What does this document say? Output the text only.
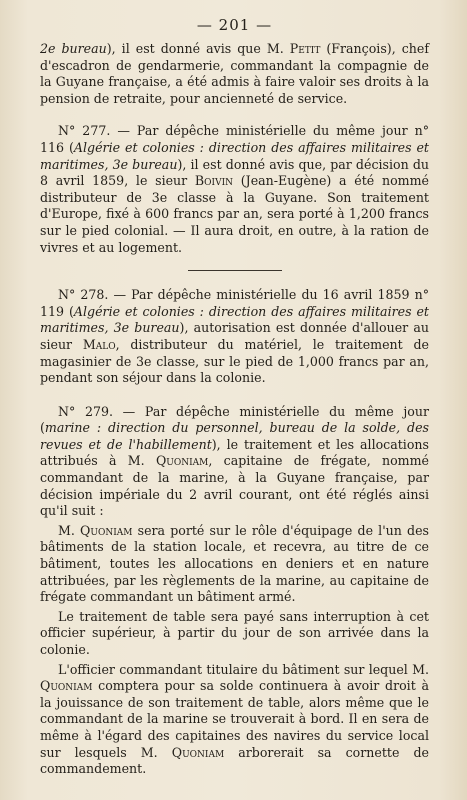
— 201 —

2e bureau), il est donné avis que M. Petit (François), chef d'escadron de gendarmerie, commandant la compagnie de la Guyane française, a été admis à faire valoir ses droits à la pension de retraite, pour ancienneté de service.

N° 277. — Par dépêche ministérielle du même jour n° 116 (Algérie et colonies : direction des affaires militaires et maritimes, 3e bureau), il est donné avis que, par décision du 8 avril 1859, le sieur Boivin (Jean-Eugène) a été nommé distributeur de 3e classe à la Guyane. Son traitement d'Europe, fixé à 600 francs par an, sera porté à 1,200 francs sur le pied colonial. — Il aura droit, en outre, à la ration de vivres et au logement.

N° 278. — Par dépêche ministérielle du 16 avril 1859 n° 119 (Algérie et colonies : direction des affaires militaires et maritimes, 3e bureau), autorisation est donnée d'allouer au sieur Malo, distributeur du matériel, le traitement de magasinier de 3e classe, sur le pied de 1,000 francs par an, pendant son séjour dans la colonie.

N° 279. — Par dépêche ministérielle du même jour (marine : direction du personnel, bureau de la solde, des revues et de l'habillement), le traitement et les allocations attribués à M. Quoniam, capitaine de frégate, nommé commandant de la marine, à la Guyane française, par décision impériale du 2 avril courant, ont été réglés ainsi qu'il suit :

M. Quoniam sera porté sur le rôle d'équipage de l'un des bâtiments de la station locale, et recevra, au titre de ce bâtiment, toutes les allocations en deniers et en nature attribuées, par les règlements de la marine, au capitaine de frégate commandant un bâtiment armé.

Le traitement de table sera payé sans interruption à cet officier supérieur, à partir du jour de son arrivée dans la colonie.

L'officier commandant titulaire du bâtiment sur lequel M. Quoniam comptera pour sa solde continuera à avoir droit à la jouissance de son traitement de table, alors même que le commandant de la marine se trouverait à bord. Il en sera de même à l'égard des capitaines des navires du service local sur lesquels M. Quoniam arborerait sa cornette de commandement.
